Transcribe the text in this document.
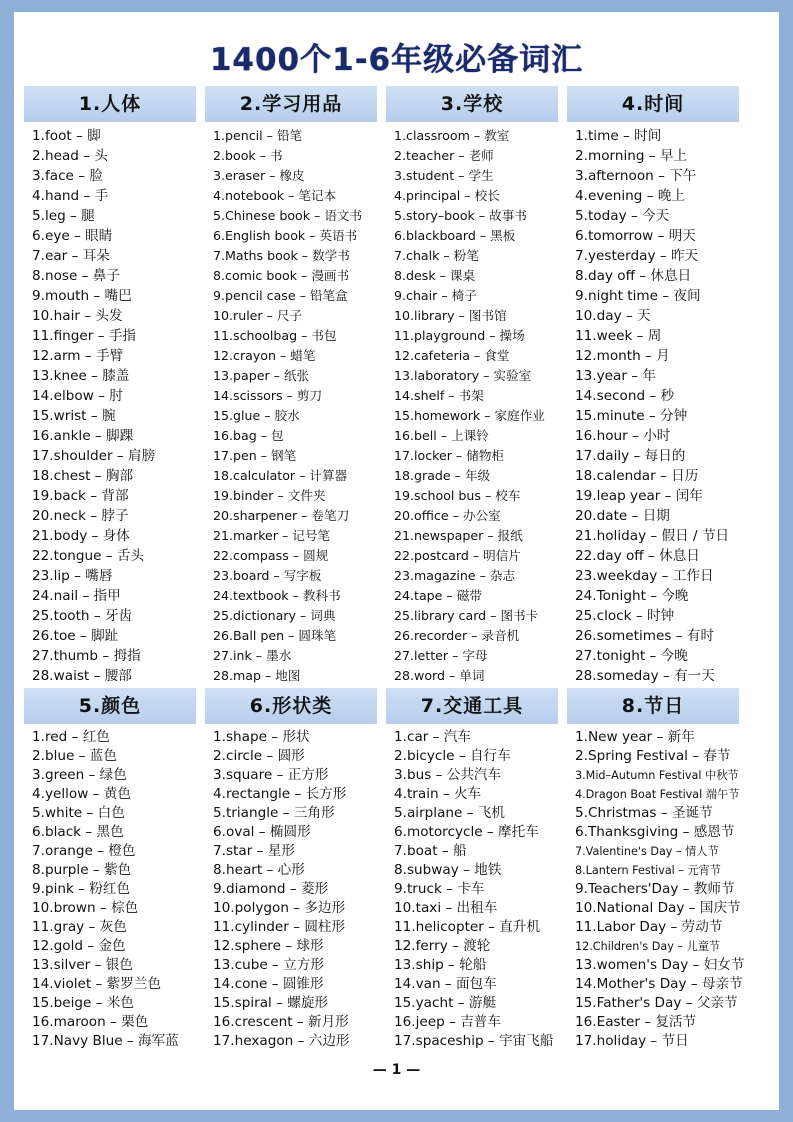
1400个1-6年级必备词汇
1.人体
1.foot – 脚
2.head – 头
3.face – 脸
4.hand – 手
5.leg – 腿
6.eye – 眼睛
7.ear – 耳朵
8.nose – 鼻子
9.mouth – 嘴巴
10.hair – 头发
11.finger – 手指
12.arm – 手臂
13.knee – 膝盖
14.elbow – 肘
15.wrist – 腕
16.ankle – 脚踝
17.shoulder – 肩膀
18.chest – 胸部
19.back – 背部
20.neck – 脖子
21.body – 身体
22.tongue – 舌头
23.lip – 嘴唇
24.nail – 指甲
25.tooth – 牙齿
26.toe – 脚趾
27.thumb – 拇指
28.waist – 腰部
2.学习用品
1.pencil – 铅笔
2.book – 书
3.eraser – 橡皮
4.notebook – 笔记本
5.Chinese book – 语文书
6.English book – 英语书
7.Maths book – 数学书
8.comic book – 漫画书
9.pencil case – 铅笔盒
10.ruler – 尺子
11.schoolbag – 书包
12.crayon – 蜡笔
13.paper – 纸张
14.scissors – 剪刀
15.glue – 胶水
16.bag – 包
17.pen – 钢笔
18.calculator – 计算器
19.binder – 文件夹
20.sharpener – 卷笔刀
21.marker – 记号笔
22.compass – 圆规
23.board – 写字板
24.textbook – 教科书
25.dictionary – 词典
26.Ball pen – 圆珠笔
27.ink – 墨水
28.map – 地图
3.学校
1.classroom – 教室
2.teacher – 老师
3.student – 学生
4.principal – 校长
5.story–book – 故事书
6.blackboard – 黑板
7.chalk – 粉笔
8.desk – 课桌
9.chair – 椅子
10.library – 图书馆
11.playground – 操场
12.cafeteria – 食堂
13.laboratory – 实验室
14.shelf – 书架
15.homework – 家庭作业
16.bell – 上课铃
17.locker – 储物柜
18.grade – 年级
19.school bus – 校车
20.office – 办公室
21.newspaper – 报纸
22.postcard – 明信片
23.magazine – 杂志
24.tape – 磁带
25.library card – 图书卡
26.recorder – 录音机
27.letter – 字母
28.word – 单词
4.时间
1.time – 时间
2.morning – 早上
3.afternoon – 下午
4.evening – 晚上
5.today – 今天
6.tomorrow – 明天
7.yesterday – 昨天
8.day off – 休息日
9.night time – 夜间
10.day – 天
11.week – 周
12.month – 月
13.year – 年
14.second – 秒
15.minute – 分钟
16.hour – 小时
17.daily – 每日的
18.calendar – 日历
19.leap year – 闰年
20.date – 日期
21.holiday – 假日 / 节日
22.day off – 休息日
23.weekday – 工作日
24.Tonight – 今晚
25.clock – 时钟
26.sometimes – 有时
27.tonight – 今晚
28.someday – 有一天
5.颜色
1.red – 红色
2.blue – 蓝色
3.green – 绿色
4.yellow – 黄色
5.white – 白色
6.black – 黑色
7.orange – 橙色
8.purple – 紫色
9.pink – 粉红色
10.brown – 棕色
11.gray – 灰色
12.gold – 金色
13.silver – 银色
14.violet – 紫罗兰色
15.beige – 米色
16.maroon – 栗色
17.Navy Blue – 海军蓝
6.形状类
1.shape – 形状
2.circle – 圆形
3.square – 正方形
4.rectangle – 长方形
5.triangle – 三角形
6.oval – 椭圆形
7.star – 星形
8.heart – 心形
9.diamond – 菱形
10.polygon – 多边形
11.cylinder – 圆柱形
12.sphere – 球形
13.cube – 立方形
14.cone – 圆锥形
15.spiral – 螺旋形
16.crescent – 新月形
17.hexagon – 六边形
7.交通工具
1.car – 汽车
2.bicycle – 自行车
3.bus – 公共汽车
4.train – 火车
5.airplane – 飞机
6.motorcycle – 摩托车
7.boat – 船
8.subway – 地铁
9.truck – 卡车
10.taxi – 出租车
11.helicopter – 直升机
12.ferry – 渡轮
13.ship – 轮船
14.van – 面包车
15.yacht – 游艇
16.jeep – 吉普车
17.spaceship – 宇宙飞船
8.节日
1.New year – 新年
2.Spring Festival – 春节
3.Mid–Autumn Festival 中秋节
4.Dragon Boat Festival 端午节
5.Christmas – 圣诞节
6.Thanksgiving – 感恩节
7.Valentine's Day – 情人节
8.Lantern Festival – 元宵节
9.Teachers'Day – 教师节
10.National Day – 国庆节
11.Labor Day – 劳动节
12.Children's Day – 儿童节
13.women's Day – 妇女节
14.Mother's Day – 母亲节
15.Father's Day – 父亲节
16.Easter – 复活节
17.holiday – 节日
— 1 —
